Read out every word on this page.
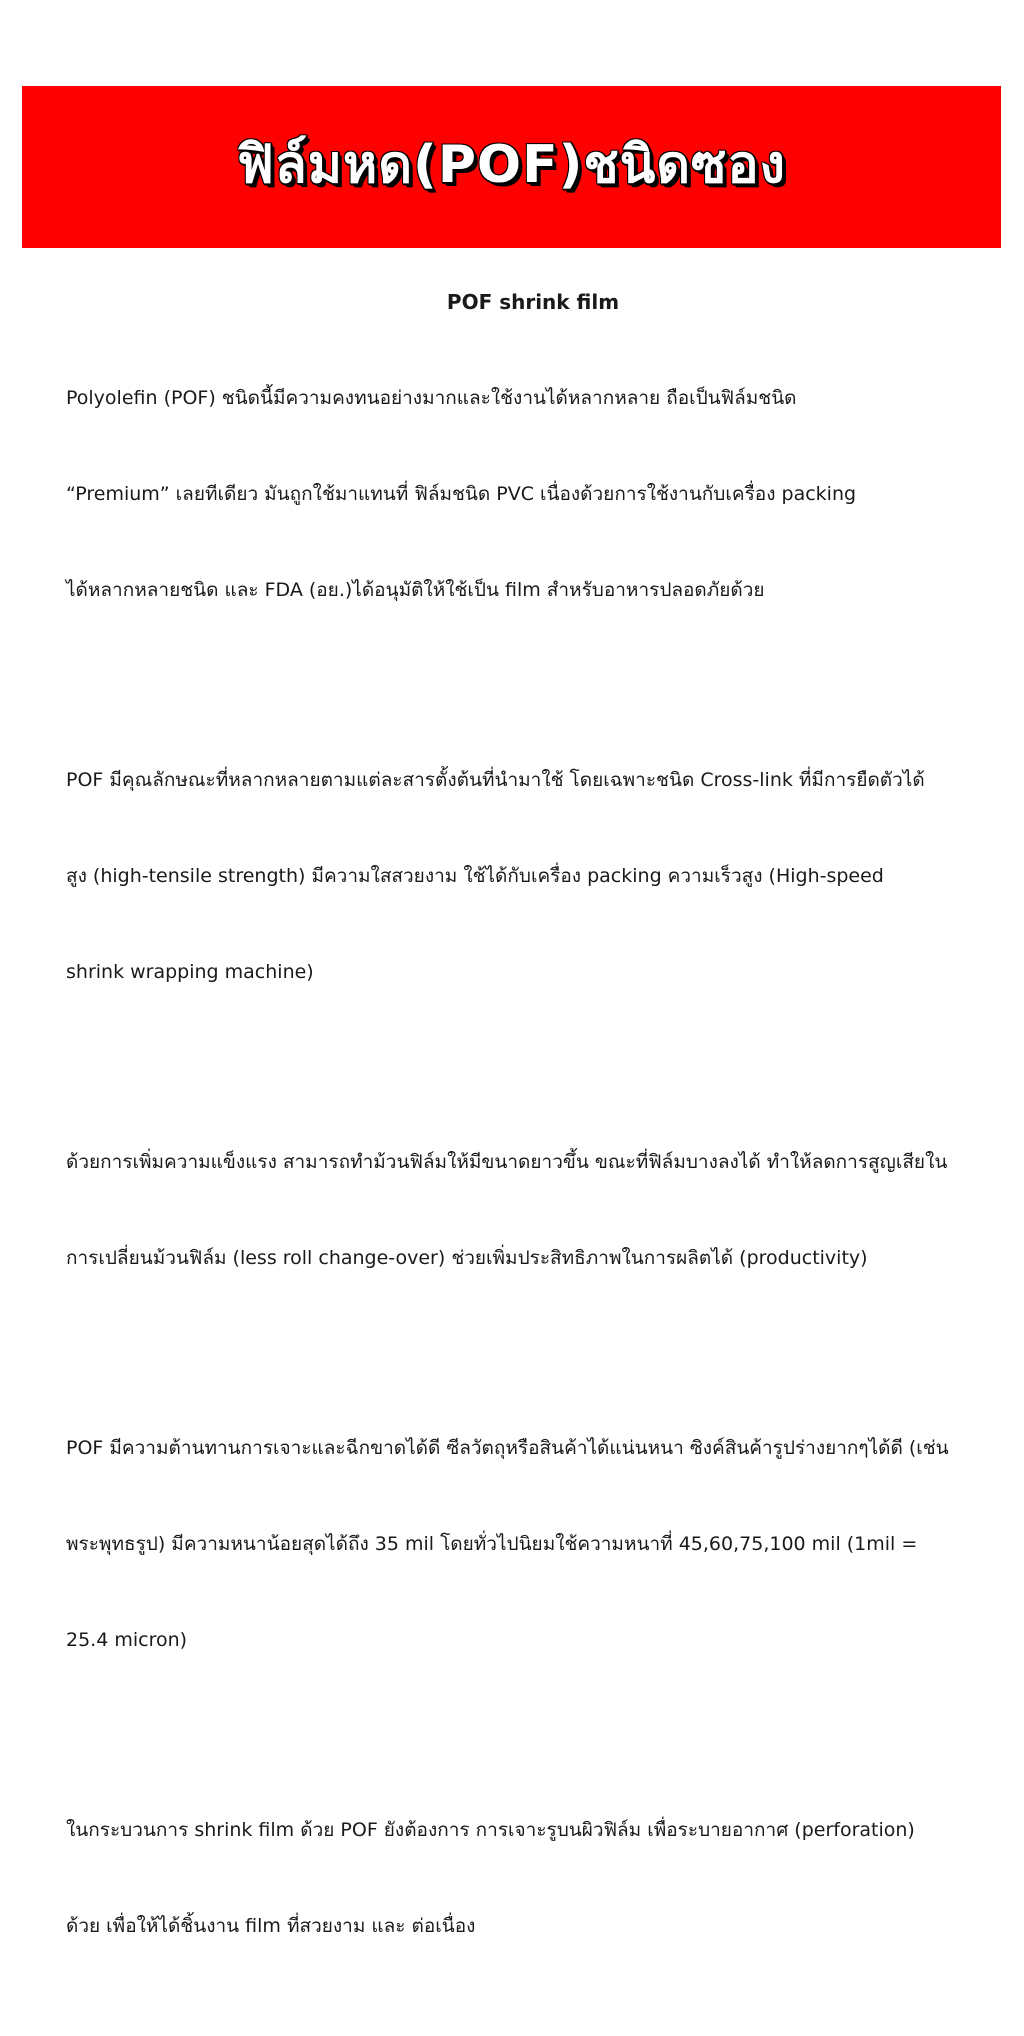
ฟิล์มหด(POF)ชนิดซอง
POF shrink film

Polyolefin (POF) ชนิดนี้มีความคงทนอย่างมากและใช้งานได้หลากหลาย ถือเป็นฟิล์มชนิด

“Premium” เลยทีเดียว มันถูกใช้มาแทนที่ ฟิล์มชนิด PVC เนื่องด้วยการใช้งานกับเครื่อง packing

ได้หลากหลายชนิด และ FDA (อย.)ได้อนุมัติให้ใช้เป็น film สำหรับอาหารปลอดภัยด้วย

POF มีคุณลักษณะที่หลากหลายตามแต่ละสารตั้งต้นที่นำมาใช้ โดยเฉพาะชนิด Cross-link ที่มีการยืดตัวได้

สูง (high-tensile strength) มีความใสสวยงาม ใช้ได้กับเครื่อง packing ความเร็วสูง (High-speed

shrink wrapping machine)

ด้วยการเพิ่มความแข็งแรง สามารถทำม้วนฟิล์มให้มีขนาดยาวขึ้น ขณะที่ฟิล์มบางลงได้ ทำให้ลดการสูญเสียใน

การเปลี่ยนม้วนฟิล์ม (less roll change-over) ช่วยเพิ่มประสิทธิภาพในการผลิตได้ (productivity)

POF มีความต้านทานการเจาะและฉีกขาดได้ดี ซีลวัตถุหรือสินค้าได้แน่นหนา ซิงค์สินค้ารูปร่างยากๆได้ดี (เช่น

พระพุทธรูป) มีความหนาน้อยสุดได้ถึง 35 mil โดยทั่วไปนิยมใช้ความหนาที่ 45,60,75,100 mil (1mil =

25.4 micron)

ในกระบวนการ shrink film ด้วย POF ยังต้องการ การเจาะรูบนผิวฟิล์ม เพื่อระบายอากาศ (perforation)

ด้วย เพื่อให้ได้ชิ้นงาน film ที่สวยงาม และ ต่อเนื่อง
